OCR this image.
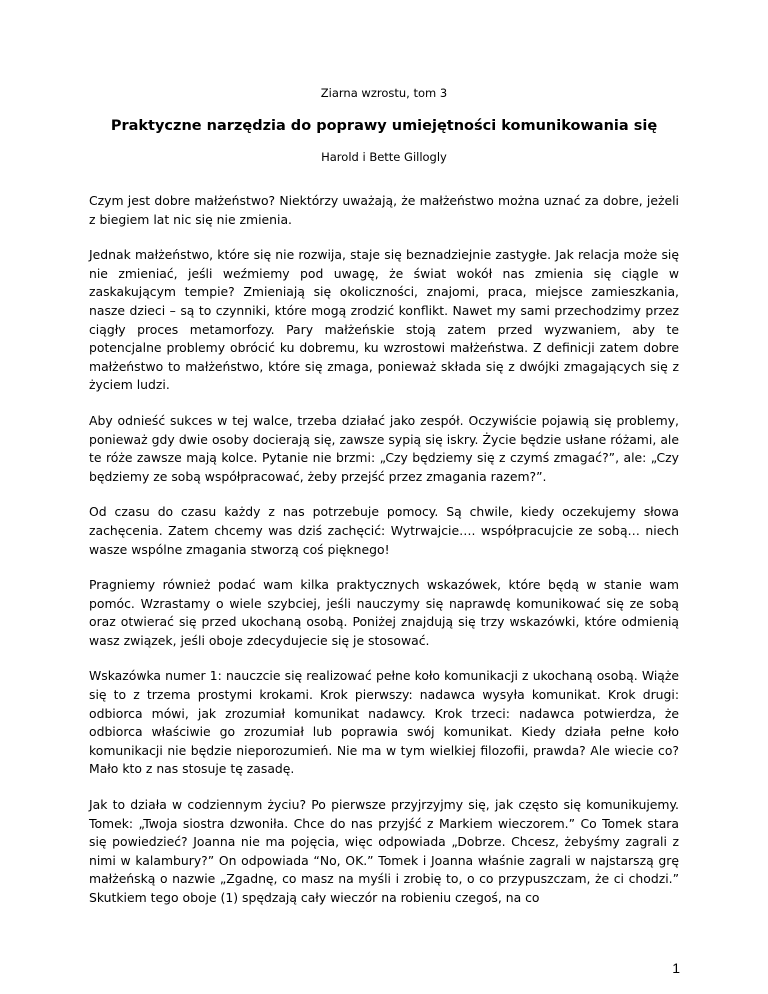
Ziarna wzrostu, tom 3
Praktyczne narzędzia do poprawy umiejętności komunikowania się
Harold i Bette Gillogly

Czym jest dobre małżeństwo? Niektórzy uważają, że małżeństwo można uznać za dobre, jeżeli z biegiem lat nic się nie zmienia.

Jednak małżeństwo, które się nie rozwija, staje się beznadziejnie zastygłe. Jak relacja może się nie zmieniać, jeśli weźmiemy pod uwagę, że świat wokół nas zmienia się ciągle w zaskakującym tempie? Zmieniają się okoliczności, znajomi, praca, miejsce zamieszkania, nasze dzieci – są to czynniki, które mogą zrodzić konflikt. Nawet my sami przechodzimy przez ciągły proces metamorfozy. Pary małżeńskie stoją zatem przed wyzwaniem, aby te potencjalne problemy obrócić ku dobremu, ku wzrostowi małżeństwa. Z definicji zatem dobre małżeństwo to małżeństwo, które się zmaga, ponieważ składa się z dwójki zmagających się z życiem ludzi.

Aby odnieść sukces w tej walce, trzeba działać jako zespół. Oczywiście pojawią się problemy, ponieważ gdy dwie osoby docierają się, zawsze sypią się iskry. Życie będzie usłane różami, ale te róże zawsze mają kolce. Pytanie nie brzmi: „Czy będziemy się z czymś zmagać?”, ale: „Czy będziemy ze sobą współpracować, żeby przejść przez zmagania razem?”.

Od czasu do czasu każdy z nas potrzebuje pomocy. Są chwile, kiedy oczekujemy słowa zachęcenia. Zatem chcemy was dziś zachęcić: Wytrwajcie…. współpracujcie ze sobą… niech wasze wspólne zmagania stworzą coś pięknego!

Pragniemy również podać wam kilka praktycznych wskazówek, które będą w stanie wam pomóc. Wzrastamy o wiele szybciej, jeśli nauczymy się naprawdę komunikować się ze sobą oraz otwierać się przed ukochaną osobą. Poniżej znajdują się trzy wskazówki, które odmienią wasz związek, jeśli oboje zdecydujecie się je stosować.

Wskazówka numer 1: nauczcie się realizować pełne koło komunikacji z ukochaną osobą. Wiąże się to z trzema prostymi krokami. Krok pierwszy: nadawca wysyła komunikat. Krok drugi: odbiorca mówi, jak zrozumiał komunikat nadawcy. Krok trzeci: nadawca potwierdza, że odbiorca właściwie go zrozumiał lub poprawia swój komunikat. Kiedy działa pełne koło komunikacji nie będzie nieporozumień. Nie ma w tym wielkiej filozofii, prawda? Ale wiecie co? Mało kto z nas stosuje tę zasadę.

Jak to działa w codziennym życiu? Po pierwsze przyjrzyjmy się, jak często się komunikujemy. Tomek: „Twoja siostra dzwoniła. Chce do nas przyjść z Markiem wieczorem.” Co Tomek stara się powiedzieć? Joanna nie ma pojęcia, więc odpowiada „Dobrze. Chcesz, żebyśmy zagrali z nimi w kalambury?” On odpowiada “No, OK.” Tomek i Joanna właśnie zagrali w najstarszą grę małżeńską o nazwie „Zgadnę, co masz na myśli i zrobię to, o co przypuszczam, że ci chodzi.” Skutkiem tego oboje (1) spędzają cały wieczór na robieniu czegoś, na co

1
